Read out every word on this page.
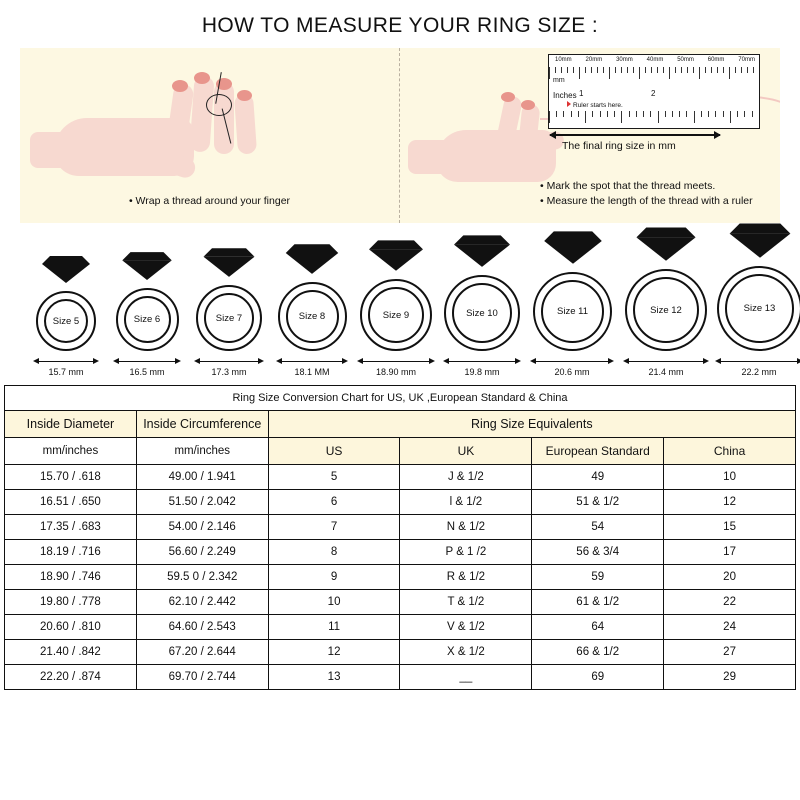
HOW TO MEASURE YOUR RING SIZE :
• Wrap a thread around your finger
10mm 20mm 30mm 40mm 50mm 60mm 70mm
mm
Inches
Ruler starts here.
1	2
The final ring size in mm
• Mark the spot that the thread meets.
• Measure the length of the thread with a ruler
Size 5
15.7 mm
Size 6
16.5 mm
Size 7
17.3 mm
Size 8
18.1 MM
Size 9
18.90 mm
Size 10
19.8 mm
Size 11
20.6 mm
Size 12
21.4 mm
Size 13
22.2 mm
Ring Size Conversion Chart for US, UK ,European Standard & China					
Inside Diameter	Inside Circumference	Ring Size Equivalents			
mm/inches	mm/inches	US	UK	European Standard	China
15.70 / .618	49.00 / 1.941	5	J & 1/2	49	10
16.51 / .650	51.50 / 2.042	6	l & 1/2	51 & 1/2	12
17.35 / .683	54.00 / 2.146	7	N & 1/2	54	15
18.19 / .716	56.60 / 2.249	8	P & 1 /2	56 & 3/4	17
18.90 / .746	59.5 0 / 2.342	9	R & 1/2	59	20
19.80 / .778	62.10 / 2.442	10	T & 1/2	61 & 1/2	22
20.60 / .810	64.60 / 2.543	11	V & 1/2	64	24
21.40 / .842	67.20 / 2.644	12	X & 1/2	66 & 1/2	27
22.20 / .874	69.70 / 2.744	13	__	69	29
